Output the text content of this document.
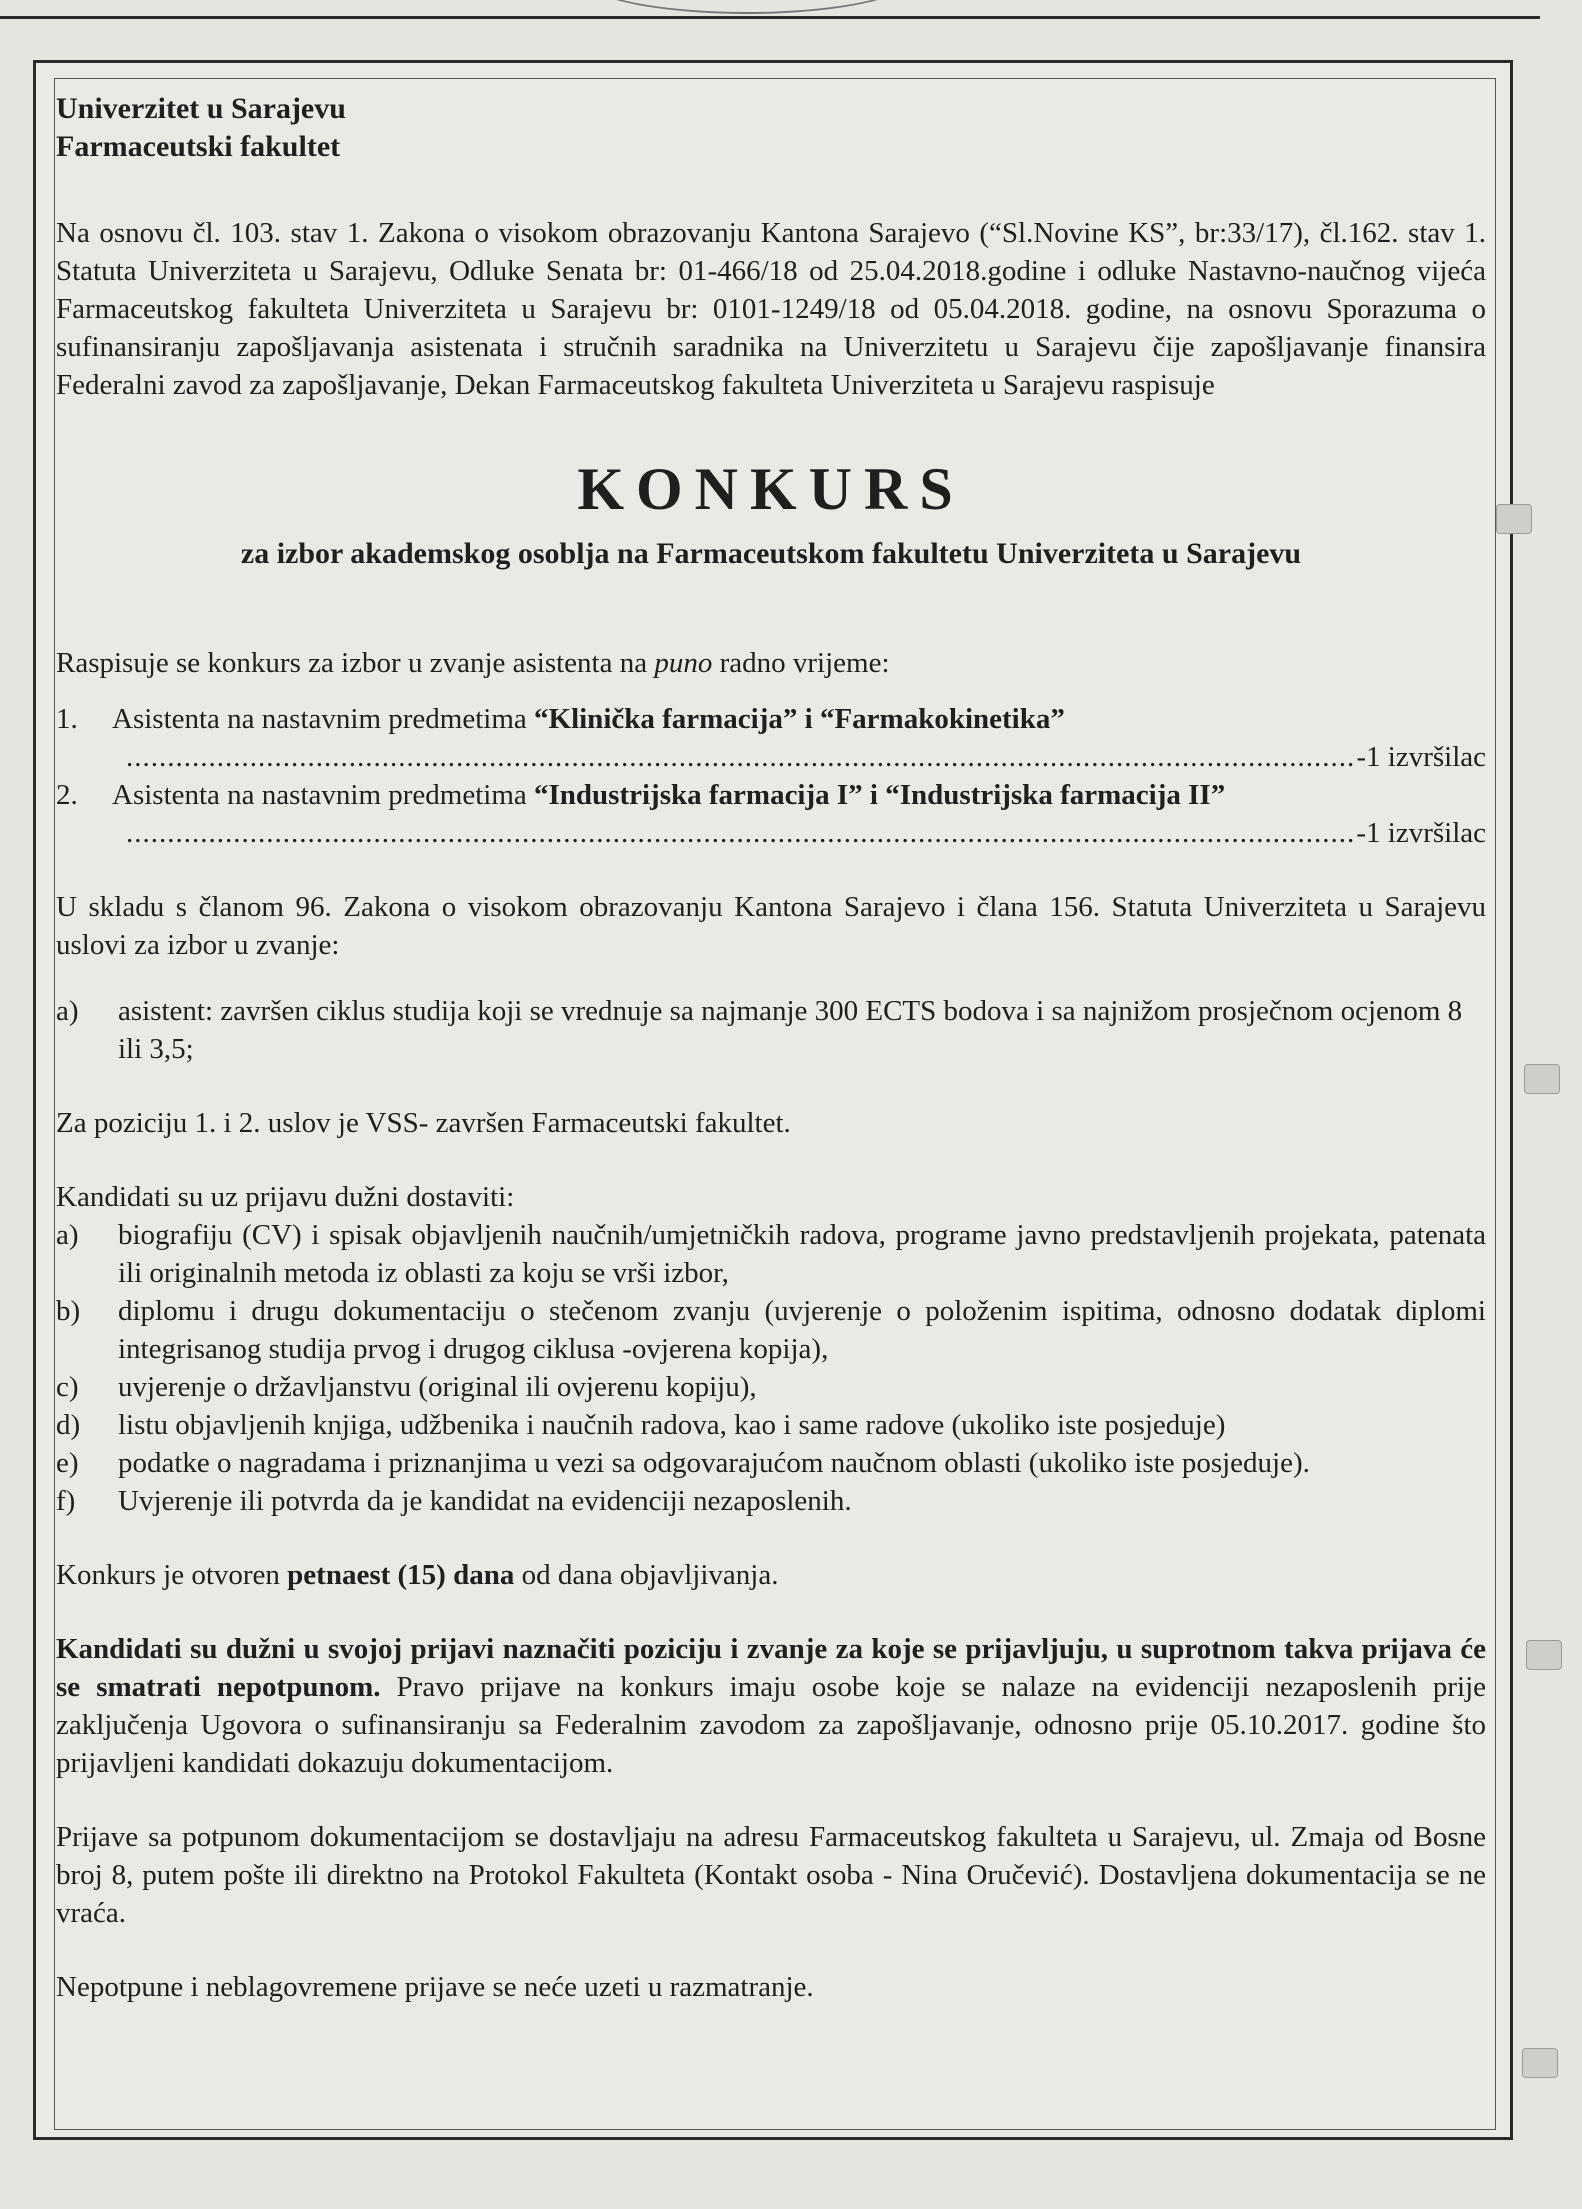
Univerzitet u Sarajevu
Farmaceutski fakultet
Na osnovu čl. 103. stav 1. Zakona o visokom obrazovanju Kantona Sarajevo (“Sl.Novine KS”, br:33/17), čl.162. stav 1. Statuta Univerziteta u Sarajevu, Odluke Senata br: 01-466/18 od 25.04.2018.godine i odluke Nastavno-naučnog vijeća Farmaceutskog fakulteta Univerziteta u Sarajevu br: 0101-1249/18 od 05.04.2018. godine, na osnovu Sporazuma o sufinansiranju zapošljavanja asistenata i stručnih saradnika na Univerzitetu u Sarajevu čije zapošljavanje finansira Federalni zavod za zapošljavanje, Dekan Farmaceutskog fakulteta Univerziteta u Sarajevu raspisuje
KONKURS
za izbor akademskog osoblja na Farmaceutskom fakultetu Univerziteta u Sarajevu
Raspisuje se konkurs za izbor u zvanje asistenta na puno radno vrijeme:
1.	Asistenta na nastavnim predmetima “Klinička farmacija” i “Farmakokinetika”
.....
-1 izvršilac
2.	Asistenta na nastavnim predmetima “Industrijska farmacija I” i “Industrijska farmacija II”
.....
-1 izvršilac
U skladu s članom 96. Zakona o visokom obrazovanju Kantona Sarajevo i člana 156. Statuta Univerziteta u Sarajevu uslovi za izbor u zvanje:
a)	asistent: završen ciklus studija koji se vrednuje sa najmanje 300 ECTS bodova i sa najnižom prosječnom ocjenom 8 ili 3,5;
Za poziciju 1. i 2. uslov je VSS- završen Farmaceutski fakultet.
Kandidati su uz prijavu dužni dostaviti:
a)	biografiju (CV) i spisak objavljenih naučnih/umjetničkih radova, programe javno predstavljenih projekata, patenata ili originalnih metoda iz oblasti za koju se vrši izbor,
b)	diplomu i drugu dokumentaciju o stečenom zvanju (uvjerenje o položenim ispitima, odnosno dodatak diplomi integrisanog studija prvog i drugog ciklusa -ovjerena kopija),
c)	uvjerenje o državljanstvu (original ili ovjerenu kopiju),
d)	listu objavljenih knjiga, udžbenika i naučnih radova, kao i same radove (ukoliko iste posjeduje)
e)	podatke o nagradama i priznanjima u vezi sa odgovarajućom naučnom oblasti (ukoliko iste posjeduje).
f)	Uvjerenje ili potvrda da je kandidat na evidenciji nezaposlenih.
Konkurs je otvoren petnaest (15) dana od dana objavljivanja.
Kandidati su dužni u svojoj prijavi naznačiti poziciju i zvanje za koje se prijavljuju, u suprotnom takva prijava će se smatrati nepotpunom. Pravo prijave na konkurs imaju osobe koje se nalaze na evidenciji nezaposlenih prije zaključenja Ugovora o sufinansiranju sa Federalnim zavodom za zapošljavanje, odnosno prije 05.10.2017. godine što prijavljeni kandidati dokazuju dokumentacijom.
Prijave sa potpunom dokumentacijom se dostavljaju na adresu Farmaceutskog fakulteta u Sarajevu, ul. Zmaja od Bosne broj 8, putem pošte ili direktno na Protokol Fakulteta (Kontakt osoba - Nina Oručević). Dostavljena dokumentacija se ne vraća.
Nepotpune i neblagovremene prijave se neće uzeti u razmatranje.
